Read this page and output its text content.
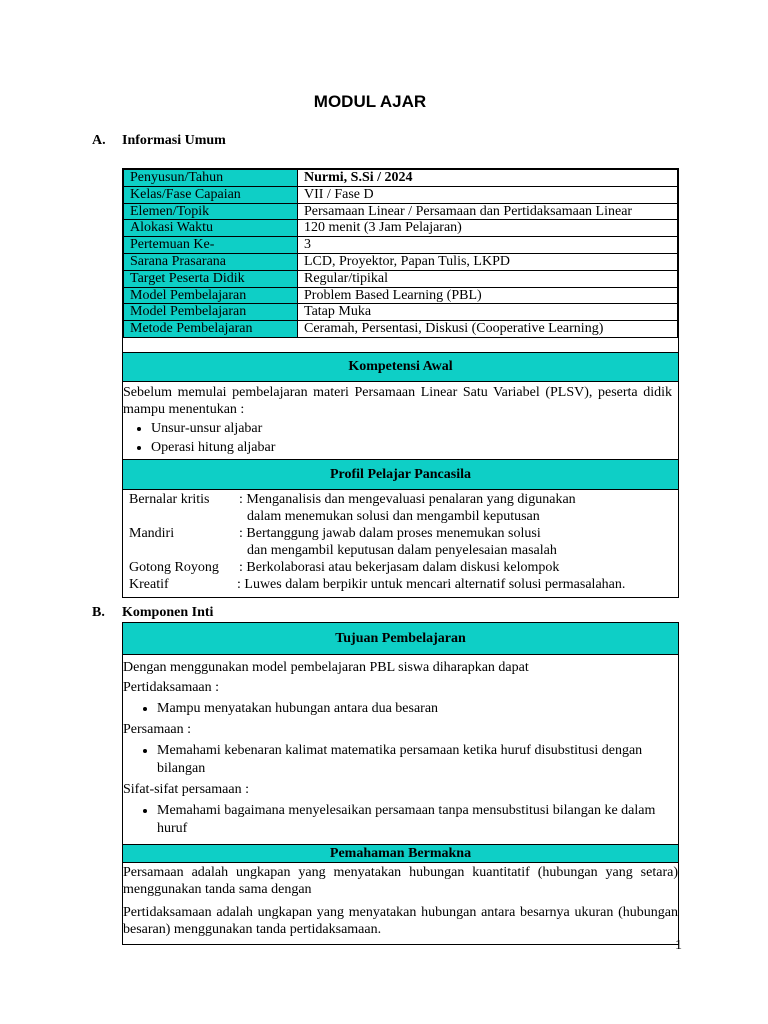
MODUL AJAR
A. Informasi Umum
Penyusun/Tahun	Nurmi, S.Si / 2024
Kelas/Fase Capaian	VII / Fase D
Elemen/Topik	Persamaan Linear / Persamaan dan Pertidaksamaan Linear
Alokasi Waktu	120 menit (3 Jam Pelajaran)
Pertemuan Ke-	3
Sarana Prasarana	LCD, Proyektor, Papan Tulis, LKPD
Target Peserta Didik	Regular/tipikal
Model Pembelajaran	Problem Based Learning (PBL)
Model Pembelajaran	Tatap Muka
Metode Pembelajaran	Ceramah, Persentasi, Diskusi (Cooperative Learning)
Kompetensi Awal
Sebelum memulai pembelajaran materi Persamaan Linear Satu Variabel (PLSV), peserta didik mampu menentukan :
• Unsur-unsur aljabar
• Operasi hitung aljabar
Profil Pelajar Pancasila
Bernalar kritis	: Menganalisis dan mengevaluasi penalaran yang digunakan
dalam menemukan solusi dan mengambil keputusan
Mandiri	: Bertanggung jawab dalam proses menemukan solusi
dan mengambil keputusan dalam penyelesaian masalah
Gotong Royong	: Berkolaborasi atau bekerjasam dalam diskusi kelompok
Kreatif	: Luwes dalam berpikir untuk mencari alternatif solusi permasalahan.
B. Komponen Inti
Tujuan Pembelajaran
Dengan menggunakan model pembelajaran PBL siswa diharapkan dapat
Pertidaksamaan :
• Mampu menyatakan hubungan antara dua besaran
Persamaan :
• Memahami kebenaran kalimat matematika persamaan ketika huruf disubstitusi dengan bilangan
Sifat-sifat persamaan :
• Memahami bagaimana menyelesaikan persamaan tanpa mensubstitusi bilangan ke dalam huruf
Pemahaman Bermakna
Persamaan adalah ungkapan yang menyatakan hubungan kuantitatif (hubungan yang setara) menggunakan tanda sama dengan
Pertidaksamaan adalah ungkapan yang menyatakan hubungan antara besarnya ukuran (hubungan besaran) menggunakan tanda pertidaksamaan.
1
